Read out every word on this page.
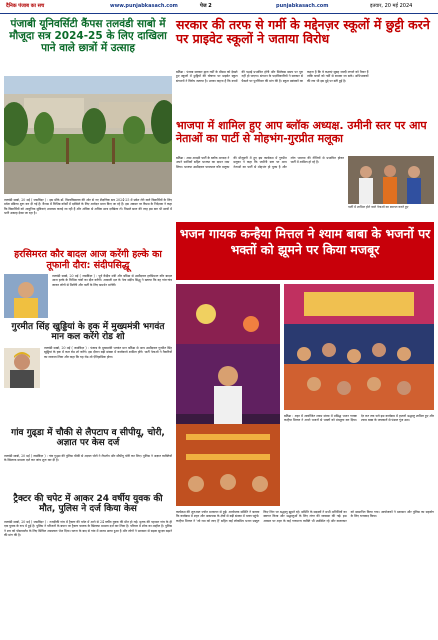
दैनिक पंजाब का सच	www.punjabkasach.com	पेज 2	punjabkasach.com	इतवार, 20 मई 2024
पंजाबी यूनिवर्सिटी कैंपस तलवंडी साबो में मौजूदा सत्र 2024-25 के लिए दाखिला पाने वाले छात्रों में उत्साह
तलवंडी साबो, 20 मई ( जसविंदर ) : इस मौके डॉ. विश्वविद्यालय की ओर से नए शैक्षणिक सत्र 2024-25 में प्रवेश लेने वाले विद्यार्थियों के लिए प्रवेश प्रक्रिया शुरू कर दी गई है। कैंपस में विभिन्न कोर्सों में दाखिले के लिए आवेदन प्राप्त किए जा रहे हैं। इस अवसर पर कैंपस के निदेशक ने कहा कि विद्यार्थियों को आधुनिक सुविधाएं उपलब्ध कराई जा रही हैं और अधिक से अधिक छात्र दाखिला लें। पिछले साल की तरह इस बार भी छात्रों में भारी उत्साह देखा जा रहा है।
हरसिमरत कौर बादल आज करेंगी हल्के का तूफानी दौरा: संदीपसिद्धू
तलवंडी साबो, 20 मई ( जसविंदर ) : पूर्व केंद्रीय मंत्री और बठिंडा से उम्मीदवार हरसिमरत कौर बादल आज हल्के के विभिन्न गांवों का दौरा करेंगी। अकाली दल के नेता संदीप सिद्धू ने बताया कि वह गांव-गांव जाकर लोगों से मिलेंगी और पार्टी के लिए समर्थन मांगेंगी।
गुरमीत सिंह खुड्डियां के हक में मुख्यमंत्री भगवंत मान कल करेंगे रोड शो
तलवंडी साबो, 20 मई ( जसविंदर ) : पंजाब के मुख्यमंत्री भगवंत मान बठिंडा से आप उम्मीदवार गुरमीत सिंह खुड्डियां के हक में कल रोड शो करेंगे। इस दौरान बड़ी संख्या में कार्यकर्ता शामिल होंगे। पार्टी नेताओं ने तैयारियों का जायजा लिया और कहा कि यह रोड शो ऐतिहासिक होगा।
गांव गुढ्डा में चौकी से लैपटाप व सीपीयू, चोरी, अज्ञात पर केस दर्ज
तलवंडी साबो, 20 मई ( जसविंदर ) : गांव गुढ्डा की पुलिस चौकी से अज्ञात चोरों ने लैपटॉप और सीपीयू चोरी कर लिए। पुलिस ने अज्ञात व्यक्तियों के खिलाफ मामला दर्ज कर जांच शुरू कर दी है।
ट्रैक्टर की चपेट में आकर 24 वर्षीय युवक की मौत, पुलिस ने दर्ज किया केस
तलवंडी साबो, 20 मई ( जसविंदर ) : नजदीकी गांव में ट्रैक्टर की चपेट में आने से 24 वर्षीय युवक की मौत हो गई। मृतक की पहचान गांव के ही एक युवक के रूप में हुई है। पुलिस ने परिजनों के बयान पर ट्रैक्टर चालक के खिलाफ मामला दर्ज कर लिया है। परिवार में शोक का माहौल है। पुलिस ने शव को पोस्टमार्टम के लिए सिविल अस्पताल भेज दिया। घटना के बाद से गांव में मातम छाया हुआ है और लोगों ने प्रशासन से सड़क सुरक्षा बढ़ाने की मांग की है।
सरकार की तरफ से गर्मी के मद्देनज़र स्कूलों में छुट्टी करने पर प्राइवेट स्कूलों ने जताया विरोध
बठिंडा : पंजाब सरकार द्वारा गर्मी के मौसम को देखते हुए स्कूलों में छुट्टियों की घोषणा पर प्राइवेट स्कूल संगठनों ने विरोध जताया है। उनका कहना है कि बच्चों की पढ़ाई प्रभावित होगी और सिलेबस समय पर पूरा नहीं हो पाएगा। संगठन के पदाधिकारियों ने सरकार से फैसले पर पुनर्विचार की मांग की है। स्कूल प्रबंधकों का कहना है कि वे कक्षाएं सुबह जल्दी लगाने को तैयार हैं ताकि बच्चों को गर्मी से बचाया जा सके। अभिभावकों की राय भी इस मुद्दे पर बंटी हुई है।
भाजपा में शामिल हुए आप ब्लॉक अध्यक्ष. उमीनी स्तर पर आप नेताओं का पार्टी से मोहभंग-गुरप्रीत मलूका
बठिंडा : आम आदमी पार्टी के ब्लॉक अध्यक्ष ने अपने साथियों सहित भाजपा का दामन थाम लिया। भाजपा उम्मीदवार परमपाल कौर मलूका की मौजूदगी में हुए इस कार्यक्रम में गुरप्रीत मलूका ने कहा कि जमीनी स्तर पर आप नेताओं का पार्टी से मोहभंग हो चुका है और लोग भाजपा की नीतियों से प्रभावित होकर पार्टी में शामिल हो रहे हैं।
पार्टी में शामिल होने वाले नेताओं का स्वागत करते हुए
भजन गायक कन्हैया मित्तल ने श्याम बाबा के भजनों पर भक्तों को झूमने पर किया मजबूर
बठिंडा : शहर में आयोजित श्याम संध्या में प्रसिद्ध भजन गायक कन्हैया मित्तल ने अपने भजनों से भक्तों को मंत्रमुग्ध कर दिया। देर रात तक चले इस कार्यक्रम में हजारों श्रद्धालु शामिल हुए और श्याम बाबा के जयकारों से पंडाल गूंज उठा।
कार्यक्रम की शुरुआत ज्योत प्रज्वलन से हुई। आयोजक समिति ने बताया कि कार्यक्रम में शहर और आसपास के क्षेत्रों से बड़ी संख्या में भक्त पहुंचे। कन्हैया मित्तल ने 'जो राम को लाए हैं' सहित कई लोकप्रिय भजन प्रस्तुत किए जिन पर श्रद्धालु झूमते रहे। समिति के सदस्यों ने सभी अतिथियों का स्वागत किया और श्रद्धालुओं के लिए लंगर की व्यवस्था की गई। इस अवसर पर शहर के कई गणमान्य व्यक्ति भी उपस्थित रहे और कलाकार को सम्मानित किया गया। आयोजकों ने प्रशासन और पुलिस का सहयोग के लिए धन्यवाद किया।
